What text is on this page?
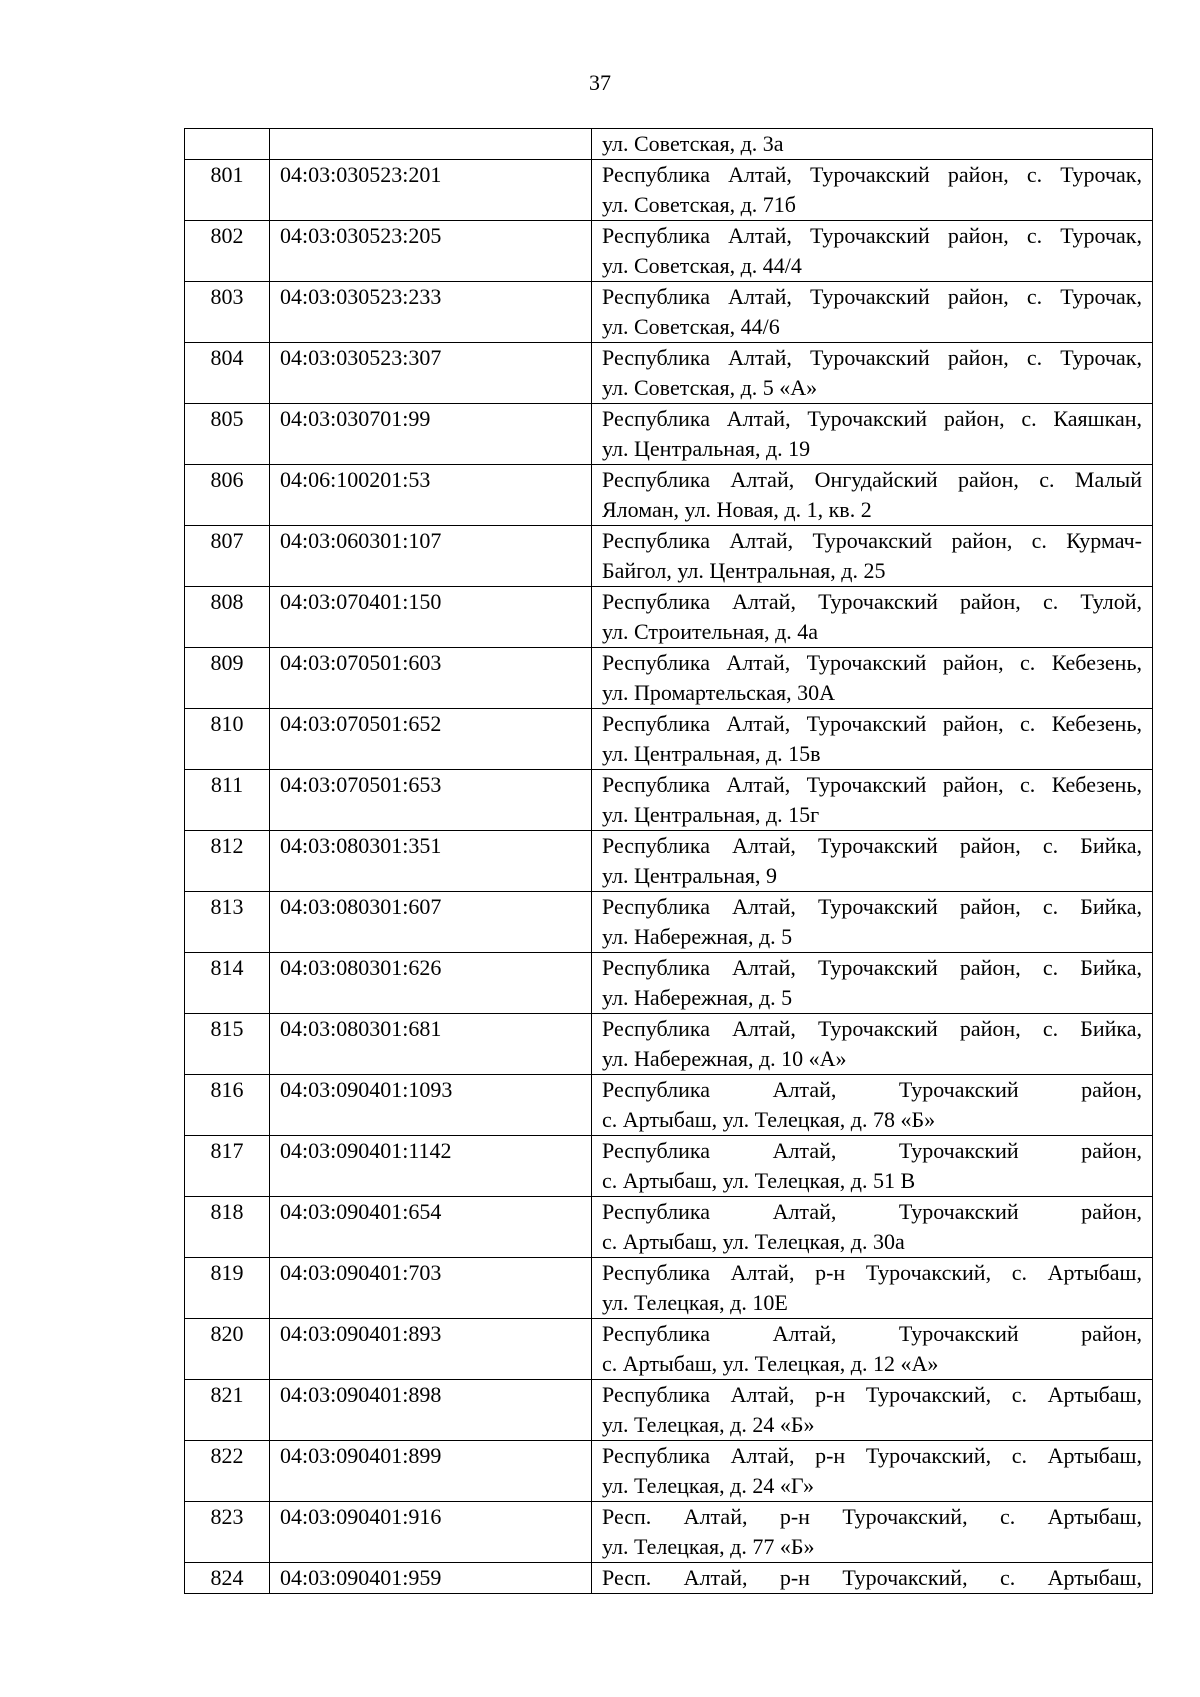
37

		ул. Советская, д. 3а

801	04:03:030523:201	Республика Алтай, Турочакский район, с. Турочак,
ул. Советская, д. 71б

802	04:03:030523:205	Республика Алтай, Турочакский район, с. Турочак,
ул. Советская, д. 44/4

803	04:03:030523:233	Республика Алтай, Турочакский район, с. Турочак,
ул. Советская, 44/6

804	04:03:030523:307	Республика Алтай, Турочакский район, с. Турочак,
ул. Советская, д. 5 «А»

805	04:03:030701:99	Республика Алтай, Турочакский район, с. Каяшкан,
ул. Центральная, д. 19

806	04:06:100201:53	Республика Алтай, Онгудайский район, с. Малый
Яломан, ул. Новая, д. 1, кв. 2

807	04:03:060301:107	Республика Алтай, Турочакский район, с. Курмач-
Байгол, ул. Центральная, д. 25

808	04:03:070401:150	Республика Алтай, Турочакский район, с. Тулой,
ул. Строительная, д. 4а

809	04:03:070501:603	Республика Алтай, Турочакский район, с. Кебезень,
ул. Промартельская, 30А

810	04:03:070501:652	Республика Алтай, Турочакский район, с. Кебезень,
ул. Центральная, д. 15в

811	04:03:070501:653	Республика Алтай, Турочакский район, с. Кебезень,
ул. Центральная, д. 15г

812	04:03:080301:351	Республика Алтай, Турочакский район, с. Бийка,
ул. Центральная, 9

813	04:03:080301:607	Республика Алтай, Турочакский район, с. Бийка,
ул. Набережная, д. 5

814	04:03:080301:626	Республика Алтай, Турочакский район, с. Бийка,
ул. Набережная, д. 5

815	04:03:080301:681	Республика Алтай, Турочакский район, с. Бийка,
ул. Набережная, д. 10 «А»

816	04:03:090401:1093	Республика Алтай, Турочакский район,
с. Артыбаш, ул. Телецкая, д. 78 «Б»

817	04:03:090401:1142	Республика Алтай, Турочакский район,
с. Артыбаш, ул. Телецкая, д. 51 В

818	04:03:090401:654	Республика Алтай, Турочакский район,
с. Артыбаш, ул. Телецкая, д. 30а

819	04:03:090401:703	Республика Алтай, р-н Турочакский, с. Артыбаш,
ул. Телецкая, д. 10Е

820	04:03:090401:893	Республика Алтай, Турочакский район,
с. Артыбаш, ул. Телецкая, д. 12 «А»

821	04:03:090401:898	Республика Алтай, р-н Турочакский, с. Артыбаш,
ул. Телецкая, д. 24 «Б»

822	04:03:090401:899	Республика Алтай, р-н Турочакский, с. Артыбаш,
ул. Телецкая, д. 24 «Г»

823	04:03:090401:916	Респ. Алтай, р-н Турочакский, с. Артыбаш,
ул. Телецкая, д. 77 «Б»

824	04:03:090401:959	Респ. Алтай, р-н Турочакский, с. Артыбаш,
